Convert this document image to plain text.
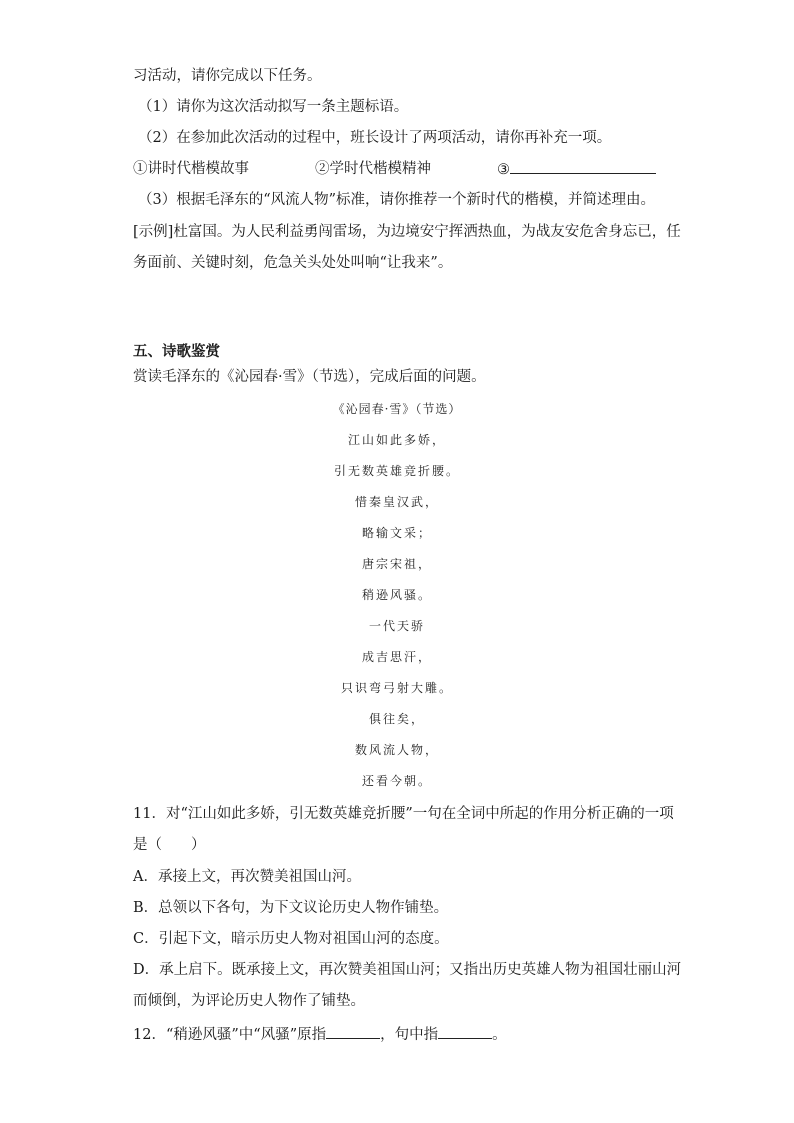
习活动，请你完成以下任务。
（1）请你为这次活动拟写一条主题标语。
（2）在参加此次活动的过程中，班长设计了两项活动，请你再补充一项。
①讲时代楷模故事	②学时代楷模精神	③
（3）根据毛泽东的“风流人物”标准，请你推荐一个新时代的楷模，并简述理由。
[示例]杜富国。为人民利益勇闯雷场，为边境安宁挥洒热血，为战友安危舍身忘已，任
务面前、关键时刻，危急关头处处叫响“让我来”。
五、诗歌鉴赏
赏读毛泽东的《沁园春·雪》（节选），完成后面的问题。
《沁园春·雪》（节选）
江山如此多娇，
引无数英雄竞折腰。
惜秦皇汉武，
略输文采；
唐宗宋祖，
稍逊风骚。
一代天骄
成吉思汗，
只识弯弓射大雕。
俱往矣，
数风流人物，
还看今朝。
11．对“江山如此多娇，引无数英雄竞折腰”一句在全词中所起的作用分析正确的一项
是（　　）
A．承接上文，再次赞美祖国山河。
B．总领以下各句，为下文议论历史人物作铺垫。
C．引起下文，暗示历史人物对祖国山河的态度。
D．承上启下。既承接上文，再次赞美祖国山河；又指出历史英雄人物为祖国壮丽山河
而倾倒，为评论历史人物作了铺垫。
12．“稍逊风骚”中“风骚”原指	，句中指	。
